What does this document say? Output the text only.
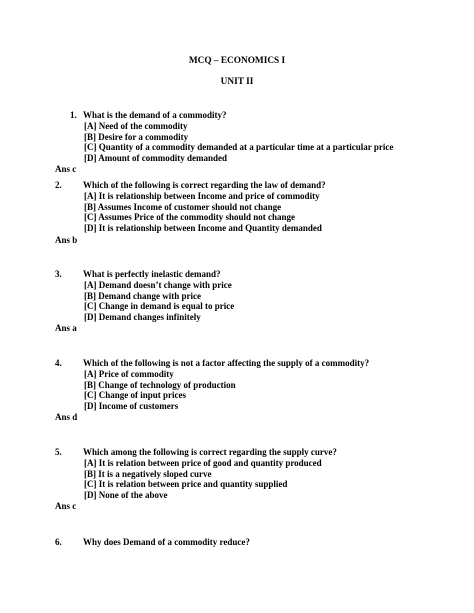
MCQ – ECONOMICS I
UNIT II
1. What is the demand of a commodity?
[A] Need of the commodity
[B] Desire for a commodity
[C] Quantity of a commodity demanded at a particular time at a particular price
[D] Amount of commodity demanded
Ans c
2. Which of the following is correct regarding the law of demand?
[A] It is relationship between Income and price of commodity
[B] Assumes Income of customer should not change
[C] Assumes Price of the commodity should not change
[D] It is relationship between Income and Quantity demanded
Ans b
3. What is perfectly inelastic demand?
[A] Demand doesn’t change with price
[B] Demand change with price
[C] Change in demand is equal to price
[D] Demand changes infinitely
Ans a
4. Which of the following is not a factor affecting the supply of a commodity?
[A] Price of commodity
[B] Change of technology of production
[C] Change of input prices
[D] Income of customers
Ans d
5. Which among the following is correct regarding the supply curve?
[A] It is relation between price of good and quantity produced
[B] It is a negatively sloped curve
[C] It is relation between price and quantity supplied
[D] None of the above
Ans c
6. Why does Demand of a commodity reduce?
